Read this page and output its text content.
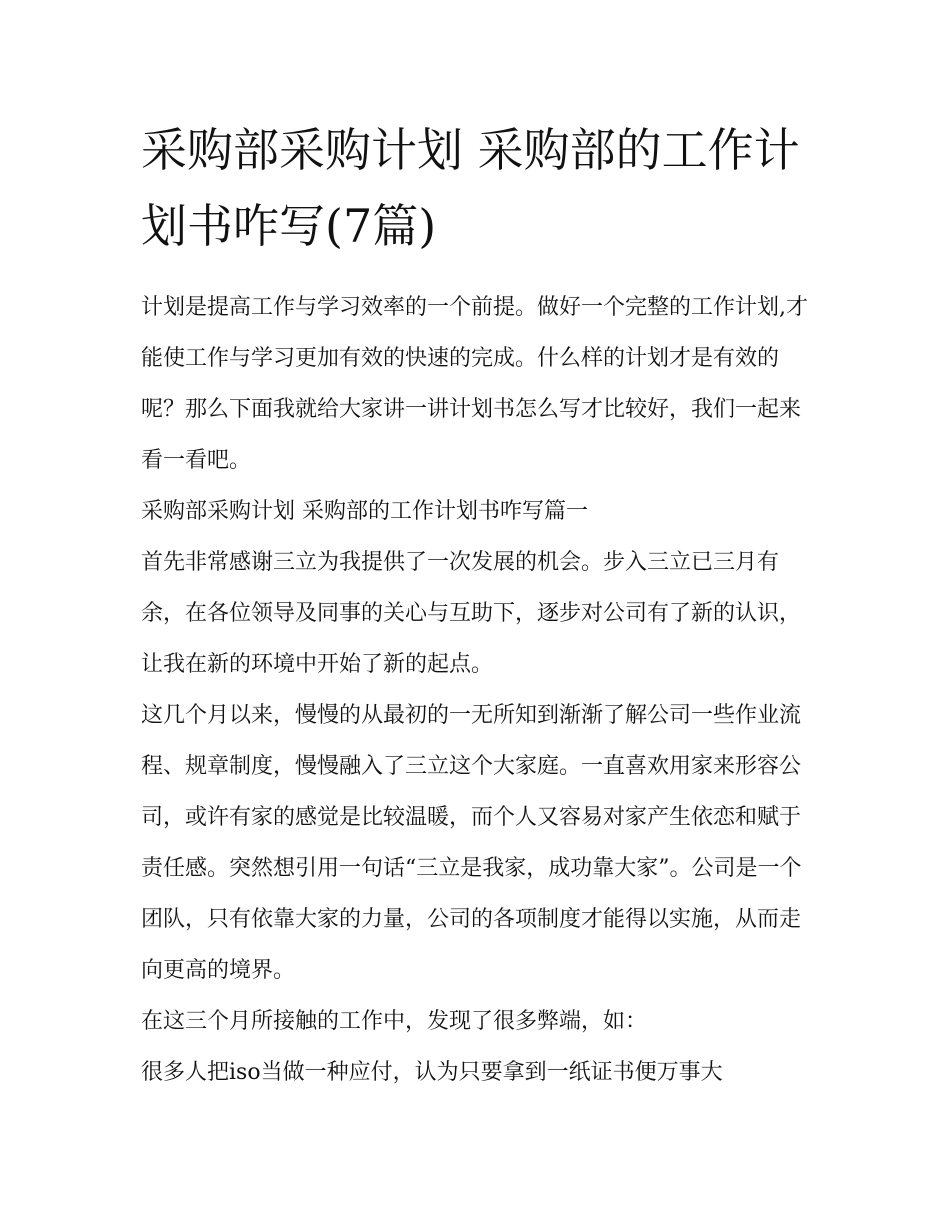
采购部采购计划 采购部的工作计划书咋写(7篇)

计划是提高工作与学习效率的一个前提。做好一个完整的工作计划,才能使工作与学习更加有效的快速的完成。什么样的计划才是有效的呢？那么下面我就给大家讲一讲计划书怎么写才比较好，我们一起来看一看吧。

采购部采购计划 采购部的工作计划书咋写篇一

首先非常感谢三立为我提供了一次发展的机会。步入三立已三月有余，在各位领导及同事的关心与互助下，逐步对公司有了新的认识，让我在新的环境中开始了新的起点。

这几个月以来，慢慢的从最初的一无所知到渐渐了解公司一些作业流程、规章制度，慢慢融入了三立这个大家庭。一直喜欢用家来形容公司，或许有家的感觉是比较温暖，而个人又容易对家产生依恋和赋于责任感。突然想引用一句话“三立是我家，成功靠大家”。公司是一个团队，只有依靠大家的力量，公司的各项制度才能得以实施，从而走向更高的境界。

在这三个月所接触的工作中，发现了很多弊端，如：

很多人把iso当做一种应付，认为只要拿到一纸证书便万事大
